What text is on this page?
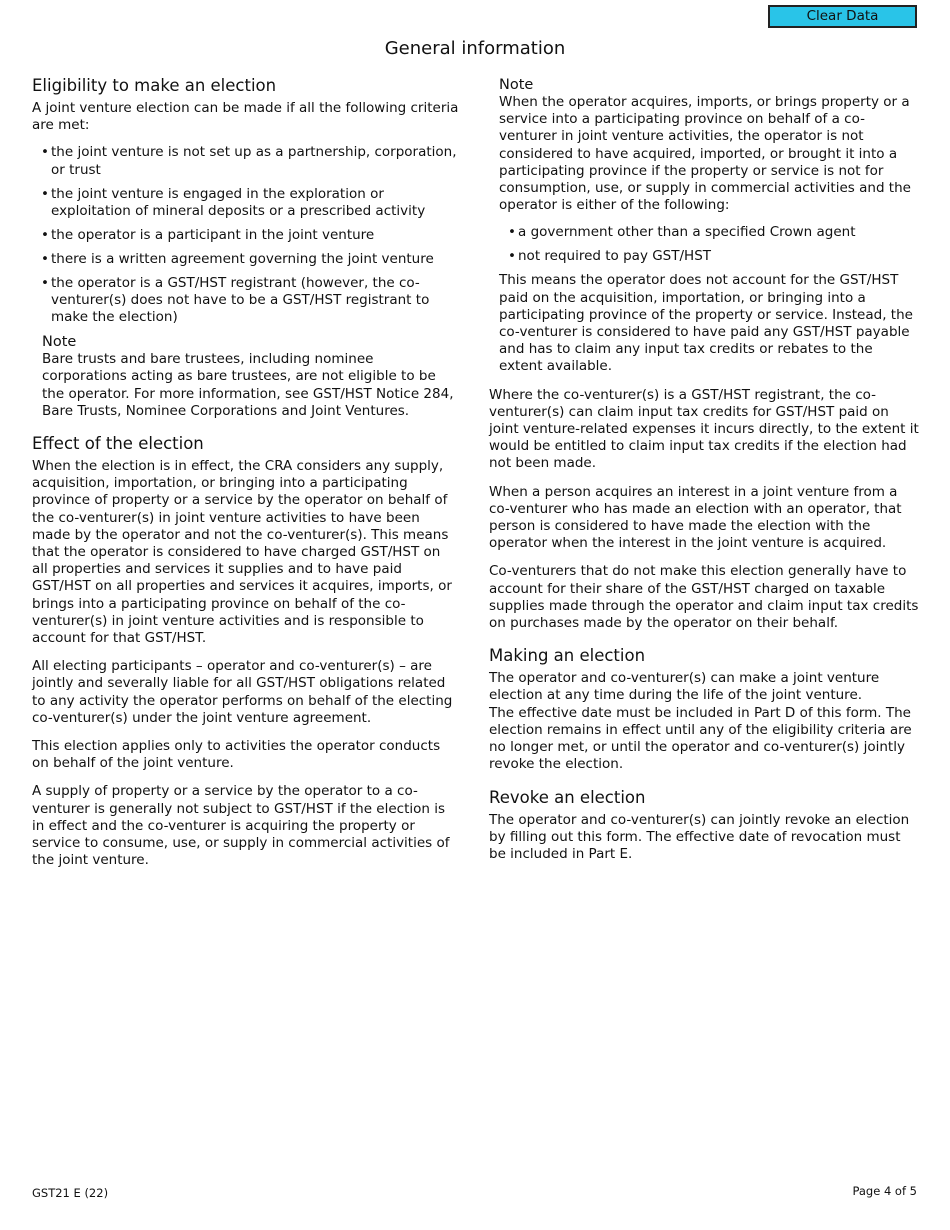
Clear Data
General information
Eligibility to make an election

A joint venture election can be made if all the following criteria are met:

• the joint venture is not set up as a partnership, corporation, or trust
• the joint venture is engaged in the exploration or exploitation of mineral deposits or a prescribed activity
• the operator is a participant in the joint venture
• there is a written agreement governing the joint venture
• the operator is a GST/HST registrant (however, the co-venturer(s) does not have to be a GST/HST registrant to make the election)
Note

Bare trusts and bare trustees, including nominee corporations acting as bare trustees, are not eligible to be the operator. For more information, see GST/HST Notice 284, Bare Trusts, Nominee Corporations and Joint Ventures.

Effect of the election

When the election is in effect, the CRA considers any supply, acquisition, importation, or bringing into a participating province of property or a service by the operator on behalf of the co-venturer(s) in joint venture activities to have been made by the operator and not the co-venturer(s). This means that the operator is considered to have charged GST/HST on all properties and services it supplies and to have paid GST/HST on all properties and services it acquires, imports, or brings into a participating province on behalf of the co-venturer(s) in joint venture activities and is responsible to account for that GST/HST.

All electing participants – operator and co-venturer(s) – are jointly and severally liable for all GST/HST obligations related to any activity the operator performs on behalf of the electing co-venturer(s) under the joint venture agreement.

This election applies only to activities the operator conducts on behalf of the joint venture.

A supply of property or a service by the operator to a co-venturer is generally not subject to GST/HST if the election is in effect and the co-venturer is acquiring the property or service to consume, use, or supply in commercial activities of the joint venture.

Note

When the operator acquires, imports, or brings property or a service into a participating province on behalf of a co-venturer in joint venture activities, the operator is not considered to have acquired, imported, or brought it into a participating province if the property or service is not for consumption, use, or supply in commercial activities and the operator is either of the following:

• a government other than a specified Crown agent
• not required to pay GST/HST

This means the operator does not account for the GST/HST paid on the acquisition, importation, or bringing into a participating province of the property or service. Instead, the co-venturer is considered to have paid any GST/HST payable and has to claim any input tax credits or rebates to the extent available.

Where the co-venturer(s) is a GST/HST registrant, the co-venturer(s) can claim input tax credits for GST/HST paid on joint venture-related expenses it incurs directly, to the extent it would be entitled to claim input tax credits if the election had not been made.

When a person acquires an interest in a joint venture from a co-venturer who has made an election with an operator, that person is considered to have made the election with the operator when the interest in the joint venture is acquired.

Co-venturers that do not make this election generally have to account for their share of the GST/HST charged on taxable supplies made through the operator and claim input tax credits on purchases made by the operator on their behalf.

Making an election

The operator and co-venturer(s) can make a joint venture election at any time during the life of the joint venture.

The effective date must be included in Part D of this form. The election remains in effect until any of the eligibility criteria are no longer met, or until the operator and co-venturer(s) jointly revoke the election.

Revoke an election

The operator and co-venturer(s) can jointly revoke an election by filling out this form. The effective date of revocation must be included in Part E.

GST21 E (22)	Page 4 of 5
